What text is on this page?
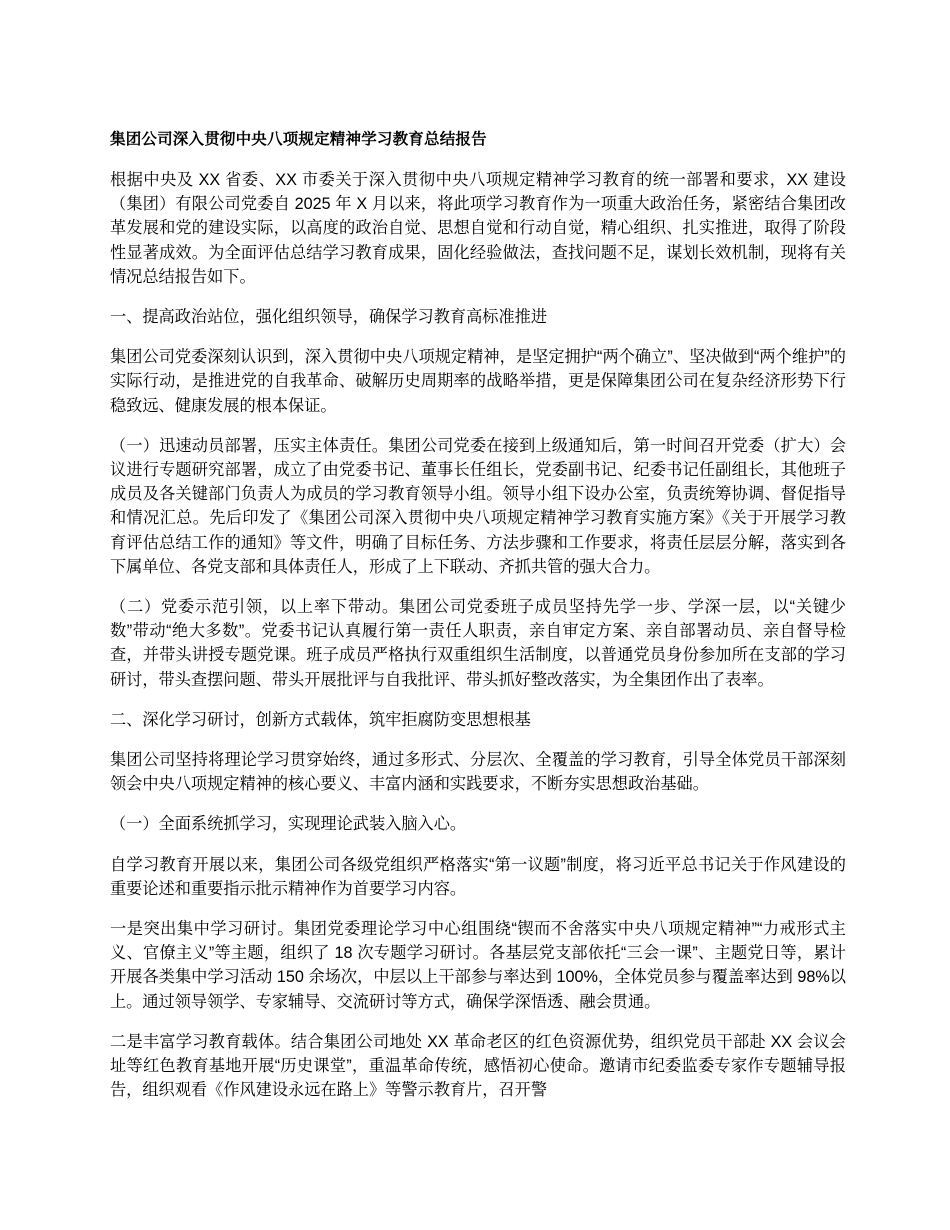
集团公司深入贯彻中央八项规定精神学习教育总结报告

根据中央及 XX 省委、XX 市委关于深入贯彻中央八项规定精神学习教育的统一部署和要求，XX 建设（集团）有限公司党委自 2025 年 X 月以来，将此项学习教育作为一项重大政治任务，紧密结合集团改革发展和党的建设实际，以高度的政治自觉、思想自觉和行动自觉，精心组织、扎实推进，取得了阶段性显著成效。为全面评估总结学习教育成果，固化经验做法，查找问题不足，谋划长效机制，现将有关情况总结报告如下。

一、提高政治站位，强化组织领导，确保学习教育高标准推进

集团公司党委深刻认识到，深入贯彻中央八项规定精神，是坚定拥护“两个确立”、坚决做到“两个维护”的实际行动，是推进党的自我革命、破解历史周期率的战略举措，更是保障集团公司在复杂经济形势下行稳致远、健康发展的根本保证。

（一）迅速动员部署，压实主体责任。集团公司党委在接到上级通知后，第一时间召开党委（扩大）会议进行专题研究部署，成立了由党委书记、董事长任组长，党委副书记、纪委书记任副组长，其他班子成员及各关键部门负责人为成员的学习教育领导小组。领导小组下设办公室，负责统筹协调、督促指导和情况汇总。先后印发了《集团公司深入贯彻中央八项规定精神学习教育实施方案》《关于开展学习教育评估总结工作的通知》等文件，明确了目标任务、方法步骤和工作要求，将责任层层分解，落实到各下属单位、各党支部和具体责任人，形成了上下联动、齐抓共管的强大合力。

（二）党委示范引领，以上率下带动。集团公司党委班子成员坚持先学一步、学深一层，以“关键少数”带动“绝大多数”。党委书记认真履行第一责任人职责，亲自审定方案、亲自部署动员、亲自督导检查，并带头讲授专题党课。班子成员严格执行双重组织生活制度，以普通党员身份参加所在支部的学习研讨，带头查摆问题、带头开展批评与自我批评、带头抓好整改落实，为全集团作出了表率。

二、深化学习研讨，创新方式载体，筑牢拒腐防变思想根基

集团公司坚持将理论学习贯穿始终，通过多形式、分层次、全覆盖的学习教育，引导全体党员干部深刻领会中央八项规定精神的核心要义、丰富内涵和实践要求，不断夯实思想政治基础。

（一）全面系统抓学习，实现理论武装入脑入心。

自学习教育开展以来，集团公司各级党组织严格落实“第一议题”制度，将习近平总书记关于作风建设的重要论述和重要指示批示精神作为首要学习内容。

一是突出集中学习研讨。集团党委理论学习中心组围绕“锲而不舍落实中央八项规定精神”“力戒形式主义、官僚主义”等主题，组织了 18 次专题学习研讨。各基层党支部依托“三会一课”、主题党日等，累计开展各类集中学习活动 150 余场次，中层以上干部参与率达到 100%，全体党员参与覆盖率达到 98%以上。通过领导领学、专家辅导、交流研讨等方式，确保学深悟透、融会贯通。

二是丰富学习教育载体。结合集团公司地处 XX 革命老区的红色资源优势，组织党员干部赴 XX 会议会址等红色教育基地开展“历史课堂”，重温革命传统，感悟初心使命。邀请市纪委监委专家作专题辅导报告，组织观看《作风建设永远在路上》等警示教育片，召开警
